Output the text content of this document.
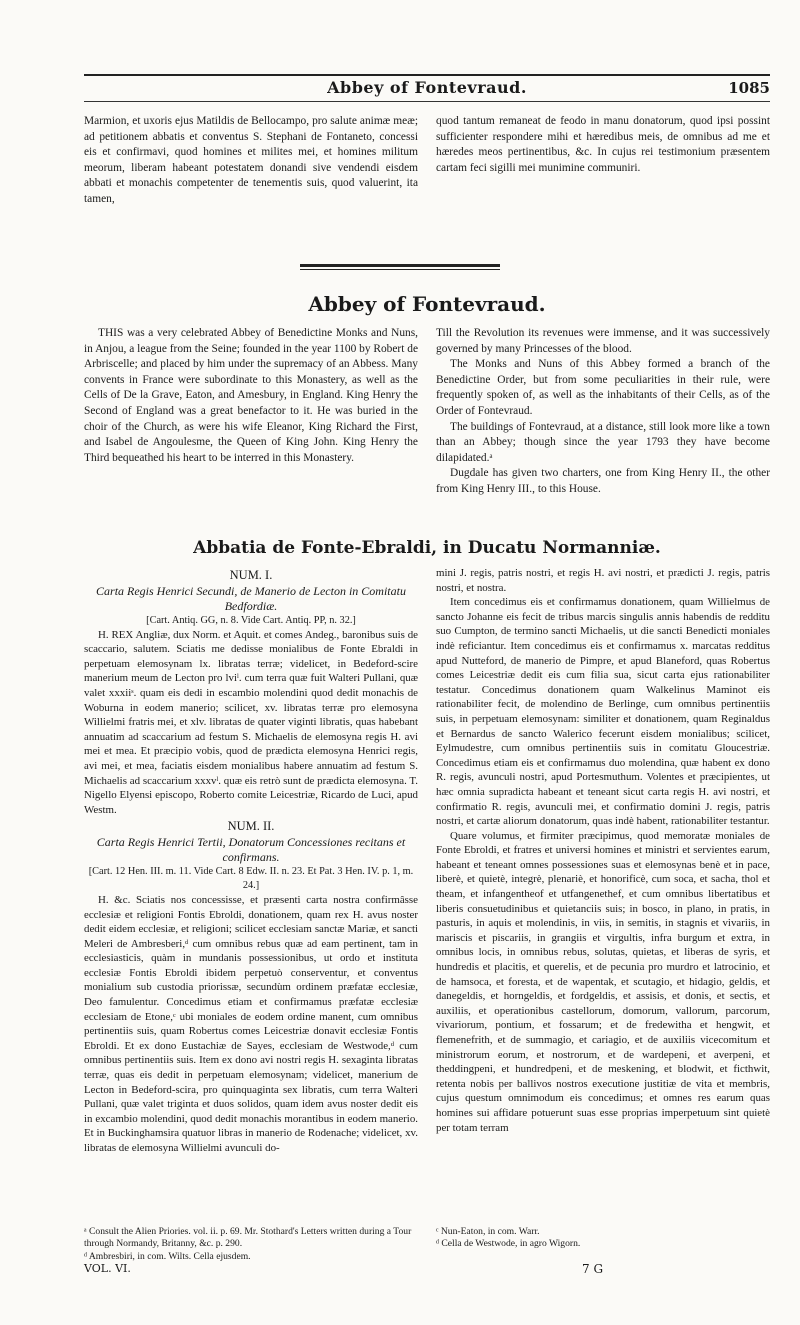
Abbey of Fontevraud.	1085

Marmion, et uxoris ejus Matildis de Bellocampo, pro salute animæ meæ; ad petitionem abbatis et conventus S. Stephani de Fontaneto, concessi eis et confirmavi, quod homines et milites mei, et homines militum meorum, liberam habeant potestatem donandi sive vendendi eisdem abbati et monachis competenter de tenementis suis, quod valuerint, ita tamen,

quod tantum remaneat de feodo in manu donatorum, quod ipsi possint sufficienter respondere mihi et hæredibus meis, de omnibus ad me et hæredes meos pertinentibus, &c. In cujus rei testimonium præsentem cartam feci sigilli mei munimine communiri.

Abbey of Fontevraud.

THIS was a very celebrated Abbey of Benedictine Monks and Nuns, in Anjou, a league from the Seine; founded in the year 1100 by Robert de Arbriscelle; and placed by him under the supremacy of an Abbess. Many convents in France were subordinate to this Monastery, as well as the Cells of De la Grave, Eaton, and Amesbury, in England. King Henry the Second of England was a great benefactor to it. He was buried in the choir of the Church, as were his wife Eleanor, King Richard the First, and Isabel de Angoulesme, the Queen of King John. King Henry the Third bequeathed his heart to be interred in this Monastery.

Till the Revolution its revenues were immense, and it was successively governed by many Princesses of the blood.

The Monks and Nuns of this Abbey formed a branch of the Benedictine Order, but from some peculiarities in their rule, were frequently spoken of, as well as the inhabitants of their Cells, as of the Order of Fontevraud.

The buildings of Fontevraud, at a distance, still look more like a town than an Abbey; though since the year 1793 they have become dilapidated.ᵃ

Dugdale has given two charters, one from King Henry II., the other from King Henry III., to this House.

Abbatia de Fonte-Ebraldi, in Ducatu Normanniæ.
NUM. I.
Carta Regis Henrici Secundi, de Manerio de Lecton in Comitatu Bedfordiæ.
[Cart. Antiq. GG, n. 8. Vide Cart. Antiq. PP, n. 32.]

H. REX Angliæ, dux Norm. et Aquit. et comes Andeg., baronibus suis de scaccario, salutem. Sciatis me dedisse monialibus de Fonte Ebraldi in perpetuam elemosynam lx. libratas terræ; videlicet, in Bedeford-scire manerium meum de Lecton pro lviˡ. cum terra quæ fuit Walteri Pullani, quæ valet xxxiiˢ. quam eis dedi in escambio molendini quod dedit monachis de Woburna in eodem manerio; scilicet, xv. libratas terræ pro elemosyna Willielmi fratris mei, et xlv. libratas de quater viginti libratis, quas habebant annuatim ad scaccarium ad festum S. Michaelis de elemosyna regis H. avi mei et mea. Et præcipio vobis, quod de prædicta elemosyna Henrici regis, avi mei, et mea, faciatis eisdem monialibus habere annuatim ad festum S. Michaelis ad scaccarium xxxvˡ. quæ eis retrò sunt de prædicta elemosyna. T. Nigello Elyensi episcopo, Roberto comite Leicestriæ, Ricardo de Luci, apud Westm.

NUM. II.
Carta Regis Henrici Tertii, Donatorum Concessiones recitans et confirmans.
[Cart. 12 Hen. III. m. 11. Vide Cart. 8 Edw. II. n. 23. Et Pat. 3 Hen. IV. p. 1, m. 24.]

H. &c. Sciatis nos concessisse, et præsenti carta nostra confirmâsse ecclesiæ et religioni Fontis Ebroldi, donationem, quam rex H. avus noster dedit eidem ecclesiæ, et religioni; scilicet ecclesiam sanctæ Mariæ, et sancti Meleri de Ambresberi,ᵈ cum omnibus rebus quæ ad eam pertinent, tam in ecclesiasticis, quàm in mundanis possessionibus, ut ordo et instituta ecclesiæ Fontis Ebroldi ibidem perpetuò conserventur, et conventus monialium sub custodia priorissæ, secundùm ordinem præfatæ ecclesiæ, Deo famulentur. Concedimus etiam et confirmamus præfatæ ecclesiæ ecclesiam de Etone,ᶜ ubi moniales de eodem ordine manent, cum omnibus pertinentiis suis, quam Robertus comes Leicestriæ donavit ecclesiæ Fontis Ebroldi. Et ex dono Eustachiæ de Sayes, ecclesiam de Westwode,ᵈ cum omnibus pertinentiis suis. Item ex dono avi nostri regis H. sexaginta libratas terræ, quas eis dedit in perpetuam elemosynam; videlicet, manerium de Lecton in Bedeford-scira, pro quinquaginta sex libratis, cum terra Walteri Pullani, quæ valet triginta et duos solidos, quam idem avus noster dedit eis in excambio molendini, quod dedit monachis morantibus in eodem manerio. Et in Buckinghamsira quatuor libras in manerio de Rodenache; videlicet, xv. libratas de elemosyna Willielmi avunculi do-

mini J. regis, patris nostri, et regis H. avi nostri, et prædicti J. regis, patris nostri, et nostra.

Item concedimus eis et confirmamus donationem, quam Willielmus de sancto Johanne eis fecit de tribus marcis singulis annis habendis de redditu suo Cumpton, de termino sancti Michaelis, ut die sancti Benedicti moniales indè reficiantur. Item concedimus eis et confirmamus x. marcatas redditus apud Nutteford, de manerio de Pimpre, et apud Blaneford, quas Robertus comes Leicestriæ dedit eis cum filia sua, sicut carta ejus rationabiliter testatur. Concedimus donationem quam Walkelinus Maminot eis rationabiliter fecit, de molendino de Berlinge, cum omnibus pertinentiis suis, in perpetuam elemosynam: similiter et donationem, quam Reginaldus et Bernardus de sancto Walerico fecerunt eisdem monialibus; scilicet, Eylmudestre, cum omnibus pertinentiis suis in comitatu Gloucestriæ. Concedimus etiam eis et confirmamus duo molendina, quæ habent ex dono R. regis, avunculi nostri, apud Portesmuthum. Volentes et præcipientes, ut hæc omnia supradicta habeant et teneant sicut carta regis H. avi nostri, et confirmatio R. regis, avunculi mei, et confirmatio domini J. regis, patris nostri, et cartæ aliorum donatorum, quas indè habent, rationabiliter testantur.

Quare volumus, et firmiter præcipimus, quod memoratæ moniales de Fonte Ebroldi, et fratres et universi homines et ministri et servientes earum, habeant et teneant omnes possessiones suas et elemosynas benè et in pace, liberè, et quietè, integrè, plenariè, et honorificè, cum soca, et sacha, thol et theam, et infangentheof et utfangenethef, et cum omnibus libertatibus et liberis consuetudinibus et quietanciis suis; in bosco, in plano, in pratis, in pasturis, in aquis et molendinis, in viis, in semitis, in stagnis et vivariis, in mariscis et piscariis, in grangiis et virgultis, infra burgum et extra, in omnibus locis, in omnibus rebus, solutas, quietas, et liberas de syris, et hundredis et placitis, et querelis, et de pecunia pro murdro et latrocinio, et de hamsoca, et foresta, et de wapentak, et scutagio, et hidagio, geldis, et danegeldis, et horngeldis, et fordgeldis, et assisis, et donis, et sectis, et auxiliis, et operationibus castellorum, domorum, vallorum, parcorum, vivariorum, pontium, et fossarum; et de fredewitha et hengwit, et flemenefrith, et de summagio, et cariagio, et de auxiliis vicecomitum et ministrorum eorum, et nostrorum, et de wardepeni, et averpeni, et theddingpeni, et hundredpeni, et de meskening, et blodwit, et ficthwit, retenta nobis per ballivos nostros executione justitiæ de vita et membris, cujus questum omnimodum eis concedimus; et omnes res earum quas homines sui affidare potuerunt suas esse proprias imperpetuum sint quietè per totam terram

ᵃ Consult the Alien Priories. vol. ii. p. 69. Mr. Stothard's Letters written during a Tour through Normandy, Britanny, &c. p. 290.
ᵈ Ambresbiri, in com. Wilts. Cella ejusdem.
ᶜ Nun-Eaton, in com. Warr.
ᵈ Cella de Westwode, in agro Wigorn.
VOL. VI.	7 G
